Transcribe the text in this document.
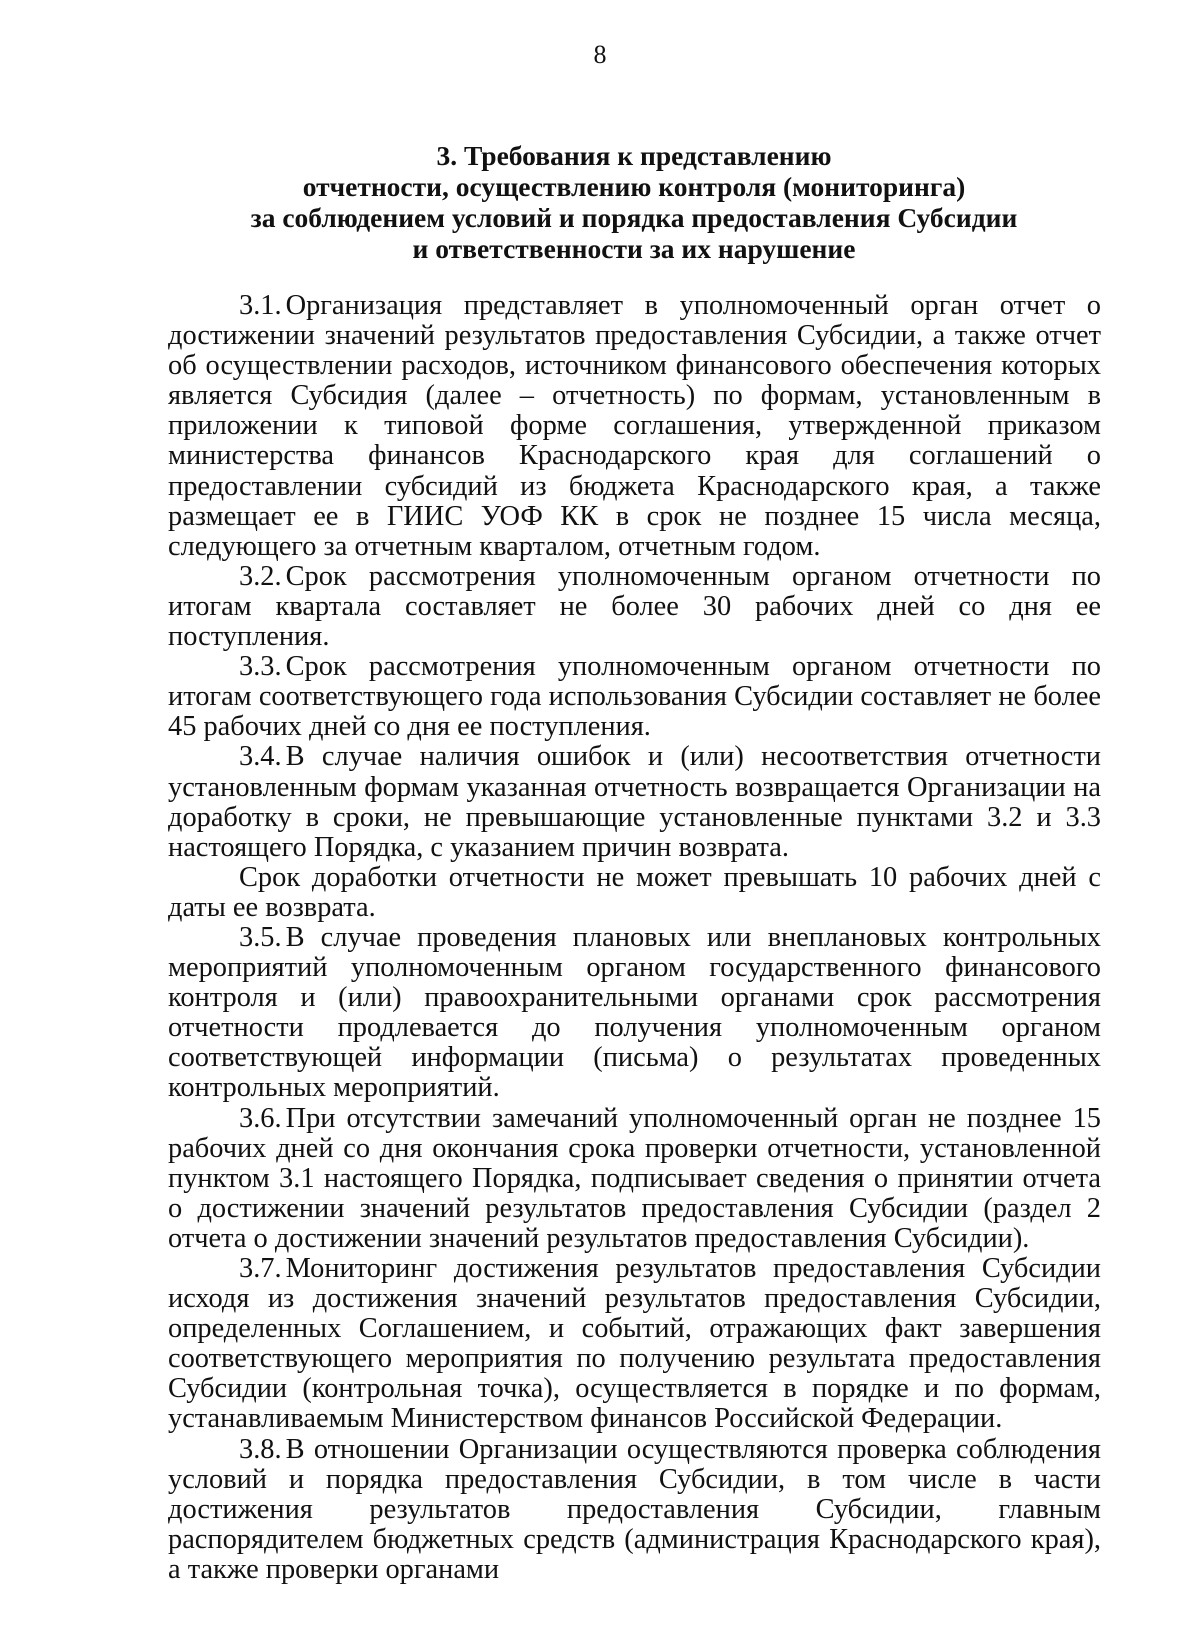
8
3. Требования к представлению
отчетности, осуществлению контроля (мониторинга)
за соблюдением условий и порядка предоставления Субсидии
и ответственности за их нарушение

3.1. Организация представляет в уполномоченный орган отчет о достижении значений результатов предоставления Субсидии, а также отчет об осуществлении расходов, источником финансового обеспечения которых является Субсидия (далее – отчетность) по формам, установленным в приложении к типовой форме соглашения, утвержденной приказом министерства финансов Краснодарского края для соглашений о предоставлении субсидий из бюджета Краснодарского края, а также размещает ее в ГИИС УОФ КК в срок не позднее 15 числа месяца, следующего за отчетным кварталом, отчетным годом.

3.2. Срок рассмотрения уполномоченным органом отчетности по итогам квартала составляет не более 30 рабочих дней со дня ее поступления.

3.3. Срок рассмотрения уполномоченным органом отчетности по итогам соответствующего года использования Субсидии составляет не более 45 рабочих дней со дня ее поступления.

3.4. В случае наличия ошибок и (или) несоответствия отчетности установленным формам указанная отчетность возвращается Организации на доработку в сроки, не превышающие установленные пунктами 3.2 и 3.3 настоящего Порядка, с указанием причин возврата.

Срок доработки отчетности не может превышать 10 рабочих дней с даты ее возврата.

3.5. В случае проведения плановых или внеплановых контрольных мероприятий уполномоченным органом государственного финансового контроля и (или) правоохранительными органами срок рассмотрения отчетности продлевается до получения уполномоченным органом соответствующей информации (письма) о результатах проведенных контрольных мероприятий.

3.6. При отсутствии замечаний уполномоченный орган не позднее 15 рабочих дней со дня окончания срока проверки отчетности, установленной пунктом 3.1 настоящего Порядка, подписывает сведения о принятии отчета о достижении значений результатов предоставления Субсидии (раздел 2 отчета о достижении значений результатов предоставления Субсидии).

3.7. Мониторинг достижения результатов предоставления Субсидии исходя из достижения значений результатов предоставления Субсидии, определенных Соглашением, и событий, отражающих факт завершения соответствующего мероприятия по получению результата предоставления Субсидии (контрольная точка), осуществляется в порядке и по формам, устанавливаемым Министерством финансов Российской Федерации.

3.8. В отношении Организации осуществляются проверка соблюдения условий и порядка предоставления Субсидии, в том числе в части достижения результатов предоставления Субсидии, главным распорядителем бюджетных средств (администрация Краснодарского края), а также проверки органами
